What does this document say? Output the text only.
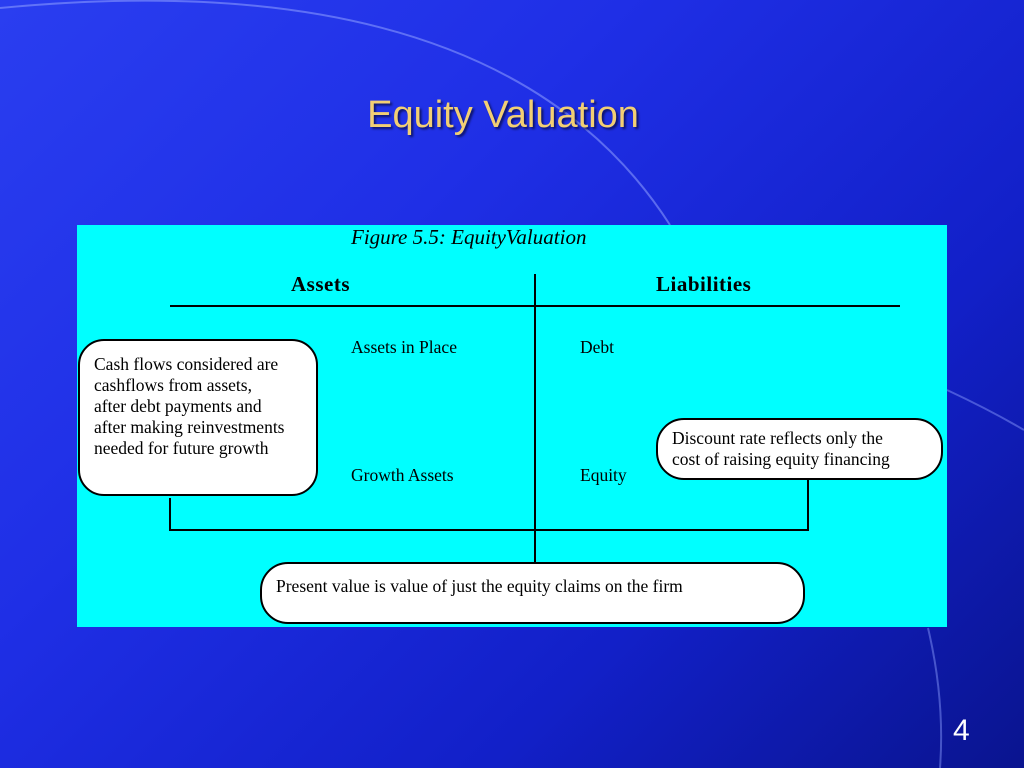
Equity Valuation
Figure 5.5: EquityValuation
Assets	Liabilities
Assets in Place
Growth Assets
Debt
Equity
Cash flows considered are
cashflows from assets,
after debt payments and
after making reinvestments
needed for future growth	Discount rate reflects only the
cost of raising equity financing
Present value is value of just the equity claims on the firm
4
